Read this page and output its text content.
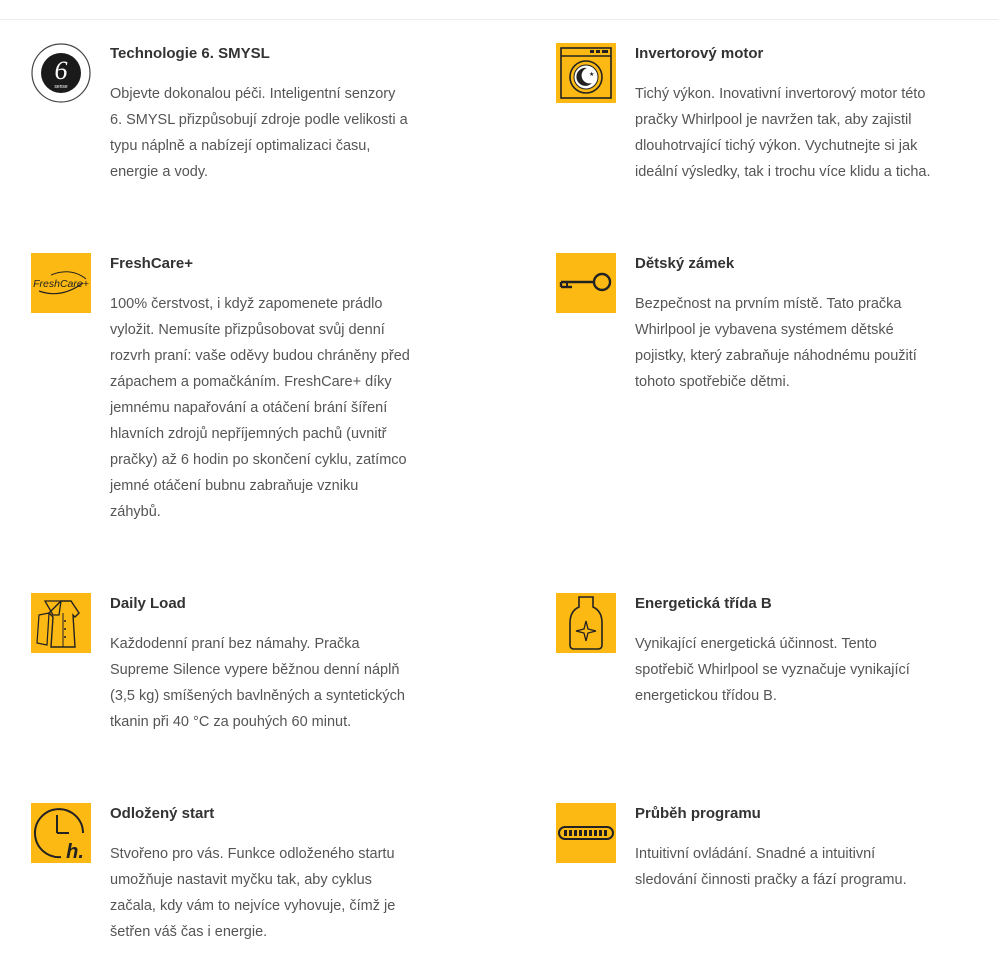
6
sense

Technologie 6. SMYSL

Objevte dokonalou péči. Inteligentní senzory 6. SMYSL přizpůsobují zdroje podle velikosti a typu náplně a nabízejí optimalizaci času, energie a vody.

★

Invertorový motor

Tichý výkon. Inovativní invertorový motor této pračky Whirlpool je navržen tak, aby zajistil dlouhotrvající tichý výkon. Vychutnejte si jak ideální výsledky, tak i trochu více klidu a ticha.

FreshCare+

FreshCare+

100% čerstvost, i když zapomenete prádlo vyložit. Nemusíte přizpůsobovat svůj denní rozvrh praní: vaše oděvy budou chráněny před zápachem a pomačkáním. FreshCare+ díky jemnému napařování a otáčení brání šíření hlavních zdrojů nepříjemných pachů (uvnitř pračky) až 6 hodin po skončení cyklu, zatímco jemné otáčení bubnu zabraňuje vzniku záhybů.

Dětský zámek

Bezpečnost na prvním místě. Tato pračka Whirlpool je vybavena systémem dětské pojistky, který zabraňuje náhodnému použití tohoto spotřebiče dětmi.

Daily Load

Každodenní praní bez námahy. Pračka Supreme Silence vypere běžnou denní náplň (3,5 kg) smíšených bavlněných a syntetických tkanin při 40 °C za pouhých 60 minut.

Energetická třída B

Vynikající energetická účinnost. Tento spotřebič Whirlpool se vyznačuje vynikající energetickou třídou B.

h.

Odložený start

Stvořeno pro vás. Funkce odloženého startu umožňuje nastavit myčku tak, aby cyklus začala, kdy vám to nejvíce vyhovuje, čímž je šetřen váš čas i energie.

Průběh programu

Intuitivní ovládání. Snadné a intuitivní sledování činnosti pračky a fází programu.
